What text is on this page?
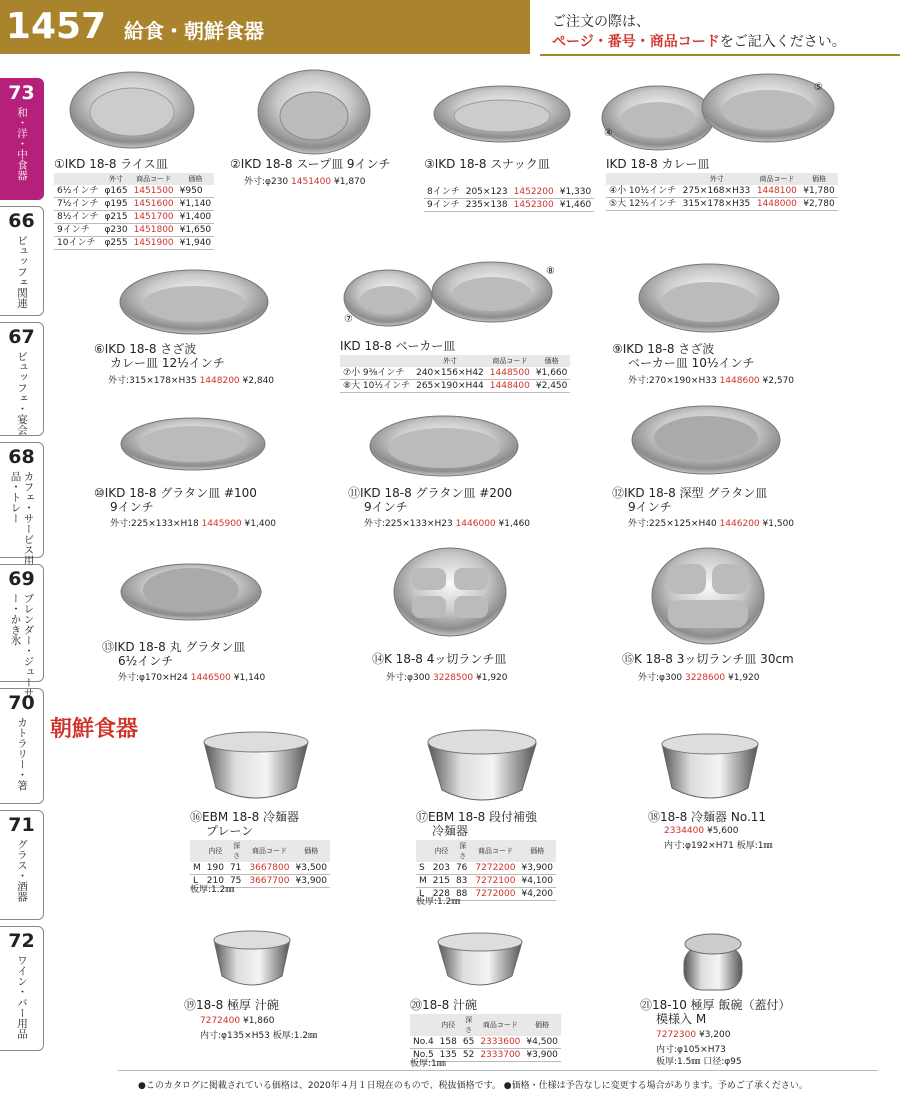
1457 給食・朝鮮食器	ご注文の際は、
ページ・番号・商品コードをご記入ください。
73
和・洋・中食器
66
ビュッフェ関連
67
ビュッフェ・宴会
68
カフェ・サービス用品・トレー
69
ブレンダー・ジューサー・かき氷
70
カトラリー・箸
71
グラス・酒器
72
ワイン・バー用品
④
⑤
①IKD 18-8 ライス皿
	外寸	商品コード	価格
6½インチ	φ165	1451500	¥950
7½インチ	φ195	1451600	¥1,140
8½インチ	φ215	1451700	¥1,400
9インチ	φ230	1451800	¥1,650
10インチ	φ255	1451900	¥1,940
②IKD 18-8 スープ皿 9インチ
外寸:φ230 1451400 ¥1,870
③IKD 18-8 スナック皿
8インチ	205×123	1452200	¥1,330
9インチ	235×138	1452300	¥1,460
IKD 18-8 カレー皿
	外寸	商品コード	価格
④小 10½インチ	275×168×H33	1448100	¥1,780
⑤大 12½インチ	315×178×H35	1448000	¥2,780
⑦
⑧
⑥IKD 18-8 さざ波
カレー皿 12½インチ
外寸:315×178×H35 1448200 ¥2,840
IKD 18-8 ベーカー皿
	外寸	商品コード	価格
⑦小 9⅜インチ	240×156×H42	1448500	¥1,660
⑧大 10½インチ	265×190×H44	1448400	¥2,450
⑨IKD 18-8 さざ波
ベーカー皿 10½インチ
外寸:270×190×H33 1448600 ¥2,570
⑩IKD 18-8 グラタン皿 #100
9インチ
外寸:225×133×H18 1445900 ¥1,400
⑪IKD 18-8 グラタン皿 #200
9インチ
外寸:225×133×H23 1446000 ¥1,460
⑫IKD 18-8 深型 グラタン皿
9インチ
外寸:225×125×H40 1446200 ¥1,500
⑬IKD 18-8 丸 グラタン皿
6½インチ
外寸:φ170×H24 1446500 ¥1,140
⑭K 18-8 4ッ切ランチ皿
外寸:φ300 3228500 ¥1,920
⑮K 18-8 3ッ切ランチ皿 30cm
外寸:φ300 3228600 ¥1,920
朝鮮食器
⑯EBM 18-8 冷麺器
プレーン
	内径	深さ	商品コード	価格
M	190	71	3667800	¥3,500
L	210	75	3667700	¥3,900
板厚:1.2㎜
⑰EBM 18-8 段付補強
冷麺器
	内径	深さ	商品コード	価格
S	203	76	7272200	¥3,900
M	215	83	7272100	¥4,100
L	228	88	7272000	¥4,200
板厚:1.2㎜
⑱18-8 冷麺器 No.11
2334400 ¥5,600
内寸:φ192×H71 板厚:1㎜
⑲18-8 極厚 汁碗
7272400 ¥1,860
内寸:φ135×H53 板厚:1.2㎜
⑳18-8 汁碗
	内径	深さ	商品コード	価格
No.4	158	65	2333600	¥4,500
No.5	135	52	2333700	¥3,900
板厚:1㎜
㉑18-10 極厚 飯碗（蓋付）
模様入 M
7272300 ¥3,200
内寸:φ105×H73
板厚:1.5㎜ 口径:φ95
●このカタログに掲載されている価格は、2020年４月１日現在のもので、税抜価格です。 ●価格・仕様は予告なしに変更する場合があります。予めご了承ください。
